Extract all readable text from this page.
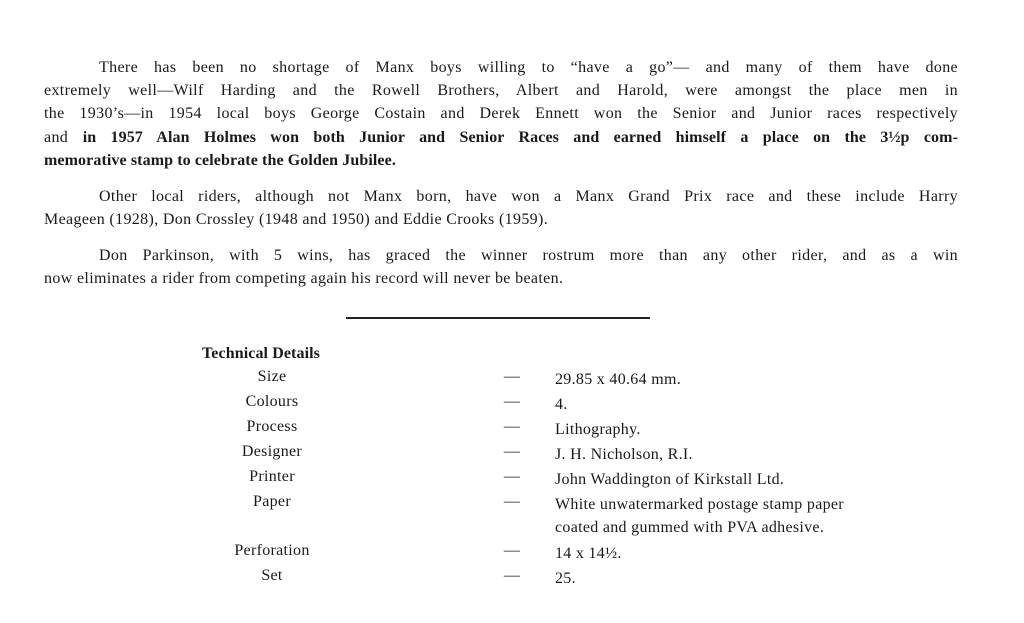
There has been no shortage of Manx boys willing to “have a go”— and many of them have done
extremely well—Wilf Harding and the Rowell Brothers, Albert and Harold, were amongst the place men in
the 1930’s—in 1954 local boys George Costain and Derek Ennett won the Senior and Junior races respectively
and in 1957 Alan Holmes won both Junior and Senior Races and earned himself a place on the 3½p com-
memorative stamp to celebrate the Golden Jubilee.
Other local riders, although not Manx born, have won a Manx Grand Prix race and these include Harry
Meageen (1928), Don Crossley (1948 and 1950) and Eddie Crooks (1959).
Don Parkinson, with 5 wins, has graced the winner rostrum more than any other rider, and as a win
now eliminates a rider from competing again his record will never be beaten.
Technical Details
Size	— 29.85 x 40.64 mm.
Colours	— 4.
Process	— Lithography.
Designer	— J. H. Nicholson, R.I.
Printer	— John Waddington of Kirkstall Ltd.
Paper	— White unwatermarked postage stamp paper
coated and gummed with PVA adhesive.
Perforation	— 14 x 14½.
Set	— 25.
